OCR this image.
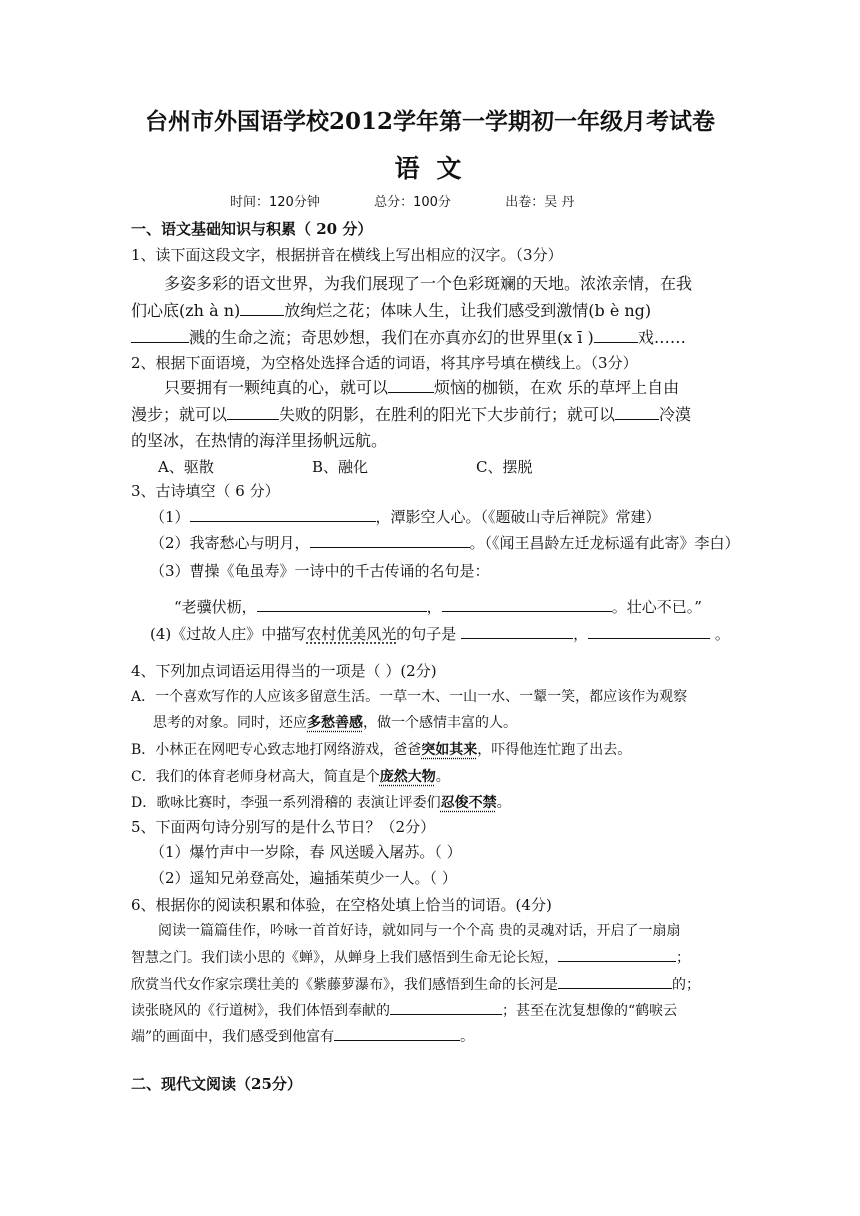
台州市外国语学校2012学年第一学期初一年级月考试卷
语 文
时间：120分钟	总分：100分	出卷：吴 丹
一、语文基础知识与积累（ 20 分）
1、读下面这段文字，根据拼音在横线上写出相应的汉字。（3分）
多姿多彩的语文世界，为我们展现了一个色彩斑斓的天地。浓浓亲情，在我
们心底(zh à n)	放绚烂之花；体味人生，让我们感受到激情(b è ng)
溅的生命之流；奇思妙想，我们在亦真亦幻的世界里(x ī )	戏……
2、根据下面语境，为空格处选择合适的词语，将其序号填在横线上。（3分）
只要拥有一颗纯真的心，就可以	烦恼的枷锁，在欢 乐的草坪上自由
漫步；就可以	失败的阴影，在胜利的阳光下大步前行；就可以	冷漠
的坚冰，在热情的海洋里扬帆远航。
A、驱散	B、融化	C、摆脱
3、古诗填空（ 6 分）
（1）	，潭影空人心。（《题破山寺后禅院》常建）
（2）我寄愁心与明月，	。（《闻王昌龄左迁龙标遥有此寄》李白）
（3）曹操《龟虽寿》一诗中的千古传诵的名句是：
“老骥伏枥，	，	。壮心不已。”
(4)《过故人庄》中描写农村优美风光的句子是	，	。
4、下列加点词语运用得当的一项是（ ）(2分)
A．一个喜欢写作的人应该多留意生活。一草一木、一山一水、一颦一笑，都应该作为观察
思考的对象。同时，还应多愁善感，做一个感情丰富的人。
B．小林正在网吧专心致志地打网络游戏，爸爸突如其来，吓得他连忙跑了出去。
C．我们的体育老师身材高大，简直是个庞然大物。
D．歌咏比赛时，李强一系列滑稽的 表演让评委们忍俊不禁。
5、下面两句诗分别写的是什么节日？（2分）
（1）爆竹声中一岁除，春 风送暖入屠苏。（ ）
（2）遥知兄弟登高处，遍插茱萸少一人。（ ）
6、根据你的阅读积累和体验，在空格处填上恰当的词语。(4分)
阅读一篇篇佳作，吟咏一首首好诗，就如同与一个个高 贵的灵魂对话，开启了一扇扇
智慧之门。我们读小思的《蝉》，从蝉身上我们感悟到生命无论长短，	；
欣赏当代女作家宗璞壮美的《紫藤萝瀑布》，我们感悟到生命的长河是	的；
读张晓风的《行道树》，我们体悟到奉献的	；甚至在沈复想像的“鹤唳云
端”的画面中，我们感受到他富有	。
二、现代文阅读（25分）
